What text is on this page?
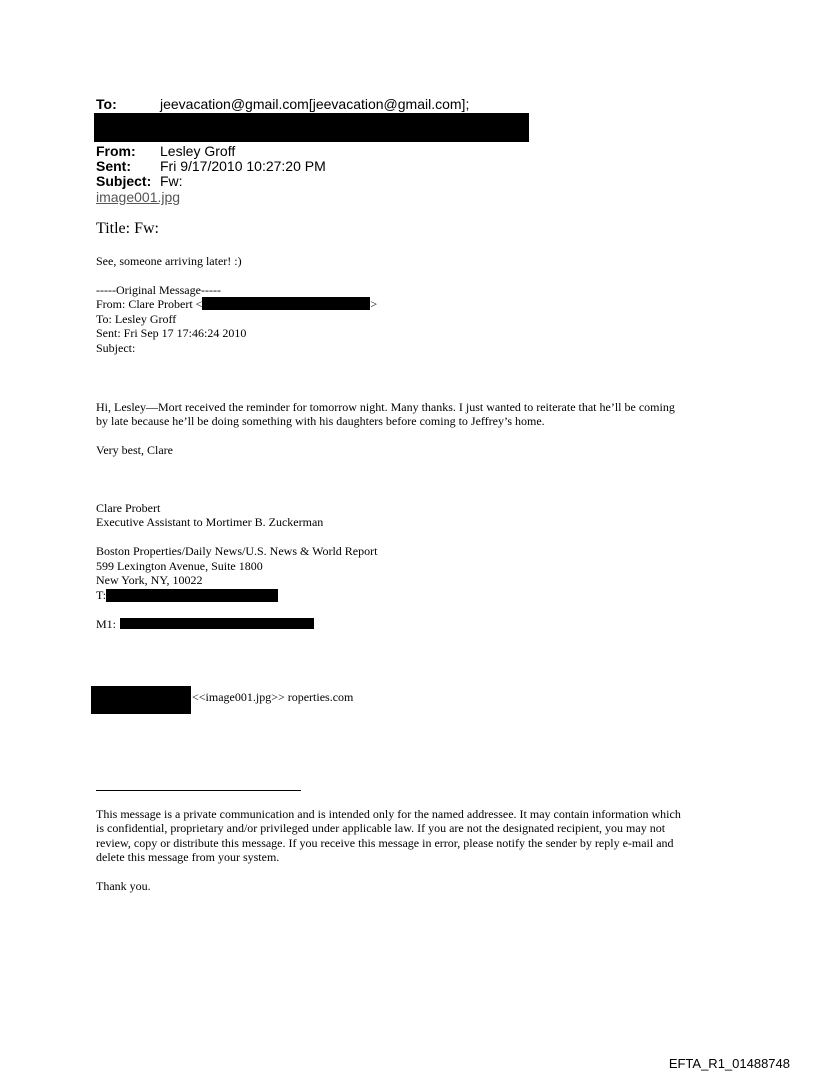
To:	jeevacation@gmail.com[jeevacation@gmail.com];
From: Lesley Groff
Sent: Fri 9/17/2010 10:27:20 PM
Subject: Fw:
image001.jpg
Title: Fw:
See, someone arriving later! :)
-----Original Message-----
From: Clare Probert <	>
To: Lesley Groff
Sent: Fri Sep 17 17:46:24 2010
Subject:
Hi, Lesley—Mort received the reminder for tomorrow night. Many thanks. I just wanted to reiterate that he’ll be coming
by late because he’ll be doing something with his daughters before coming to Jeffrey’s home.
Very best, Clare
Clare Probert
Executive Assistant to Mortimer B. Zuckerman
Boston Properties/Daily News/U.S. News & World Report
599 Lexington Avenue, Suite 1800
New York, NY, 10022
T:
M1:
<<image001.jpg>> roperties.com
This message is a private communication and is intended only for the named addressee. It may contain information which
is confidential, proprietary and/or privileged under applicable law. If you are not the designated recipient, you may not
review, copy or distribute this message. If you receive this message in error, please notify the sender by reply e-mail and
delete this message from your system.
Thank you.
EFTA_R1_01488748
